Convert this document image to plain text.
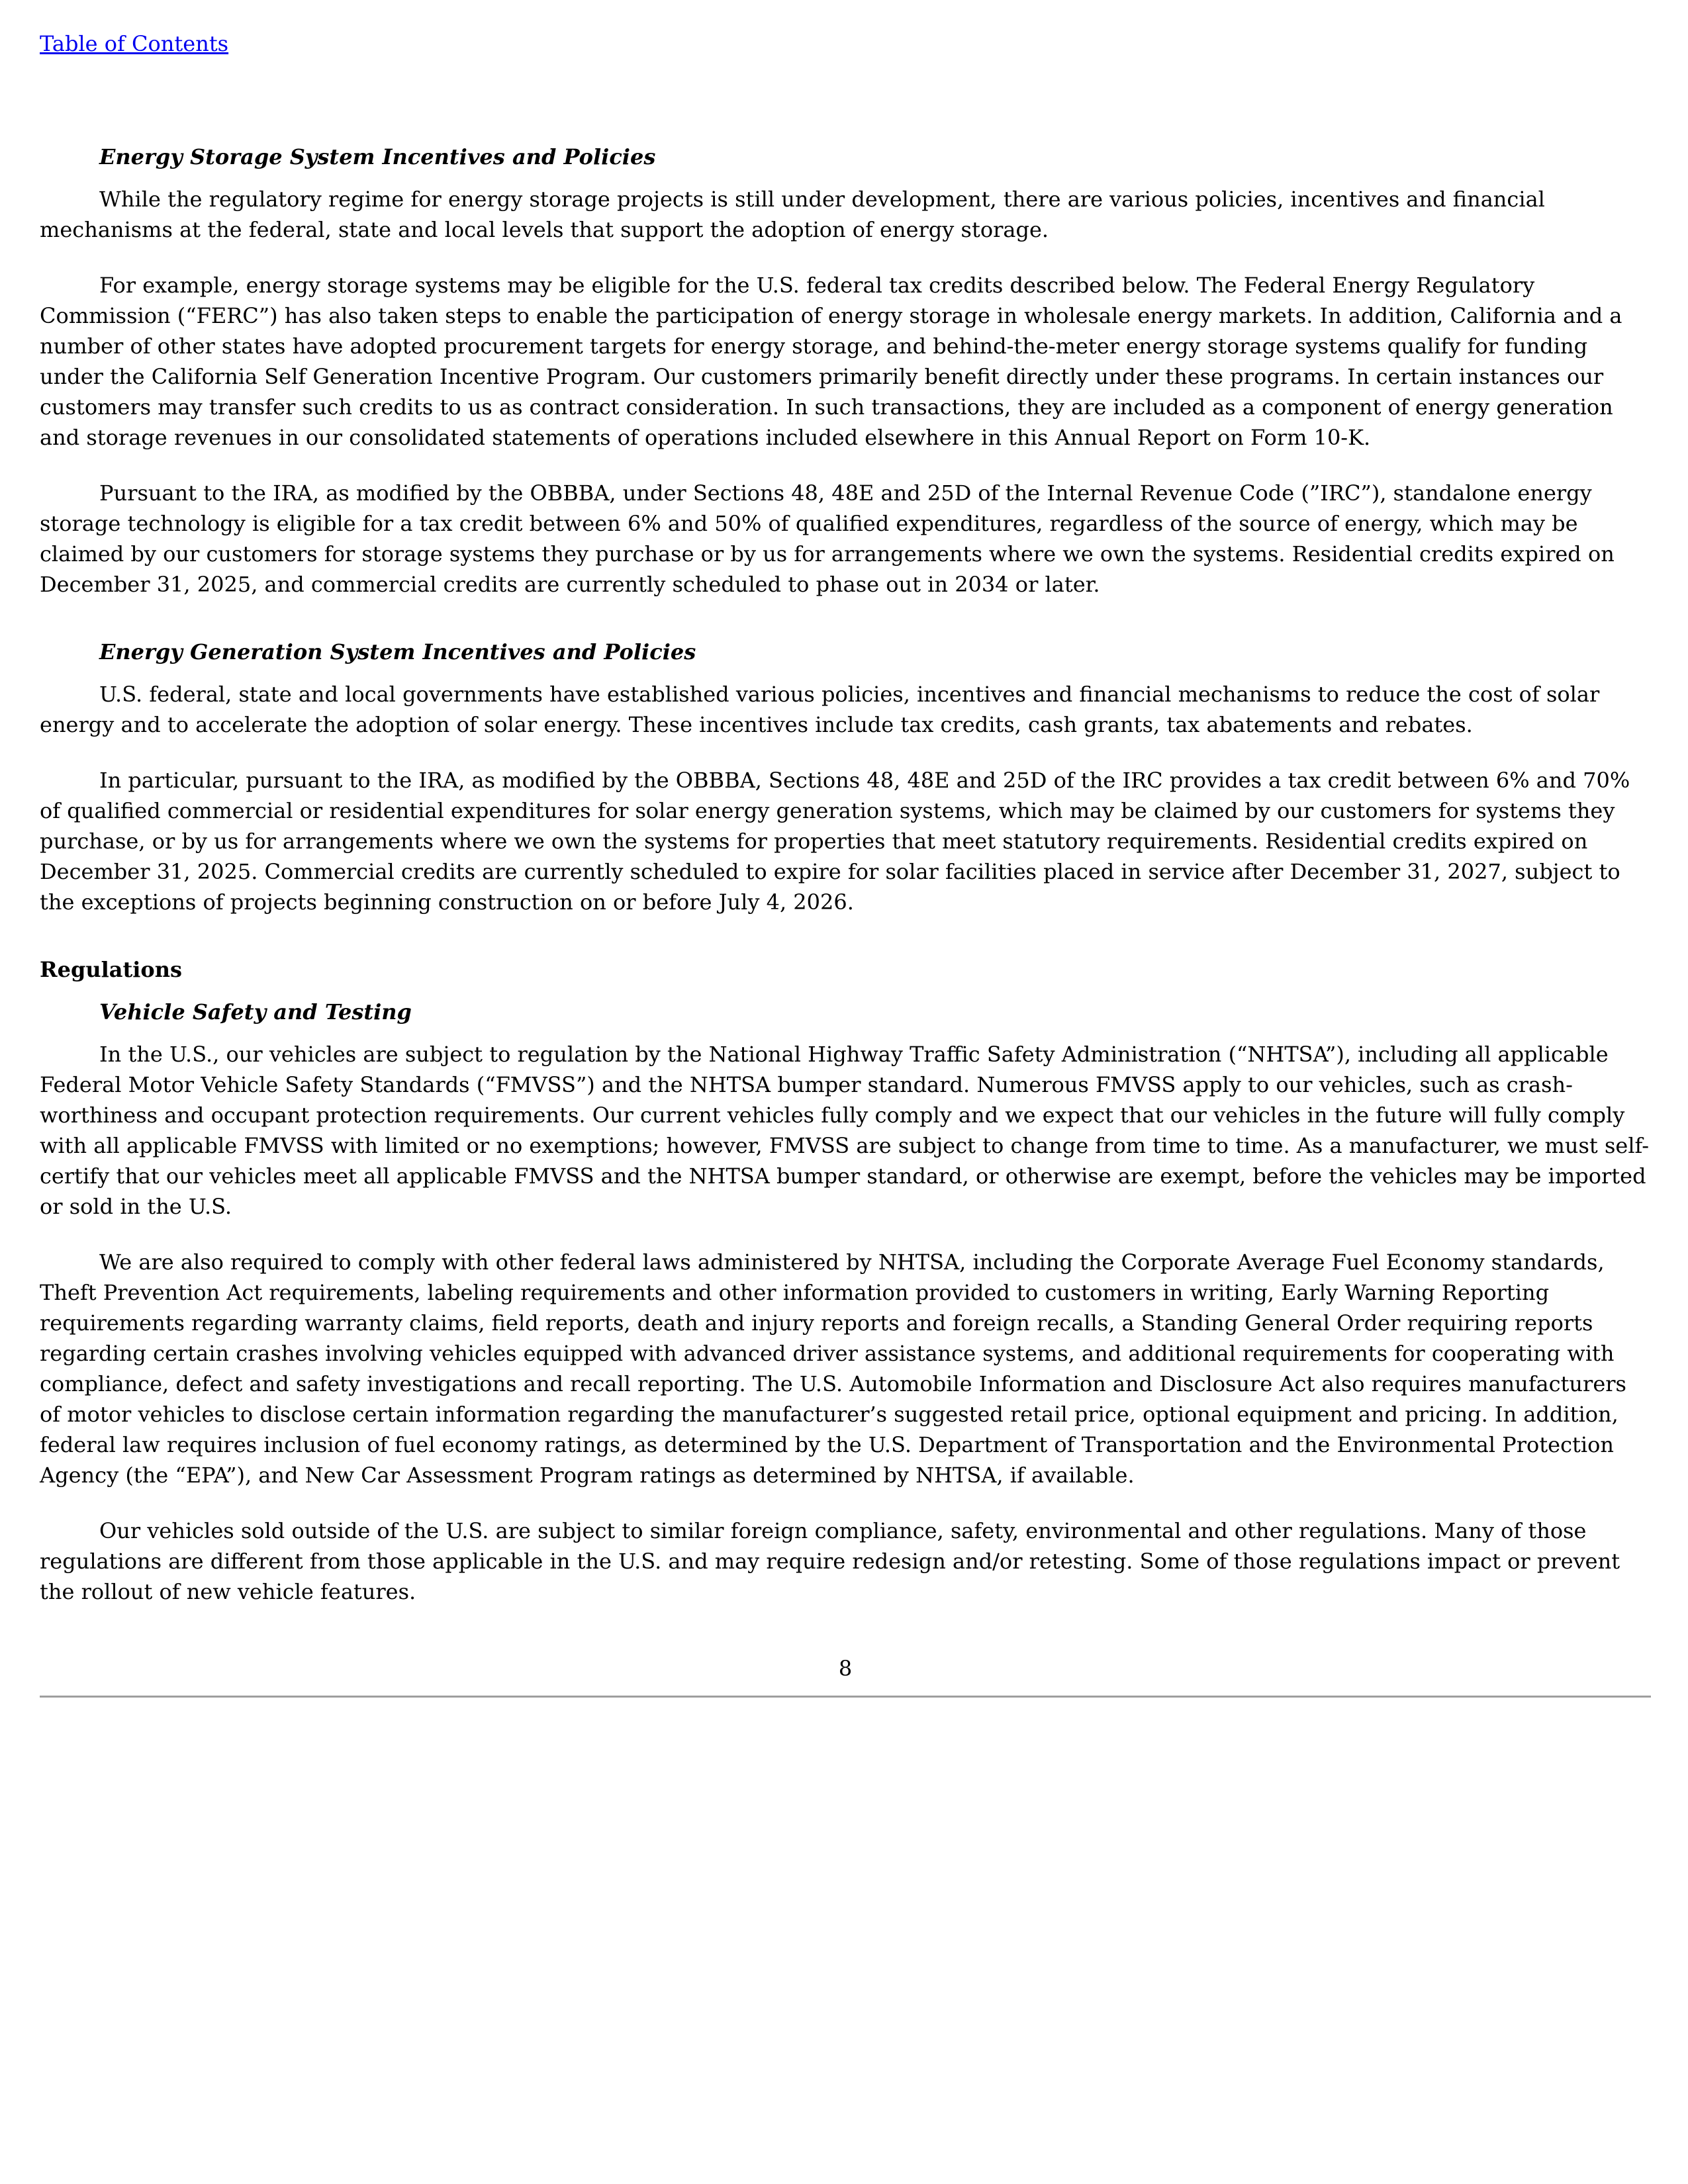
Table of Contents

Energy Storage System Incentives and Policies

While the regulatory regime for energy storage projects is still under development, there are various policies, incentives and financial mechanisms at the federal, state and local levels that support the adoption of energy storage.

For example, energy storage systems may be eligible for the U.S. federal tax credits described below. The Federal Energy Regulatory Commission (“FERC”) has also taken steps to enable the participation of energy storage in wholesale energy markets. In addition, California and a number of other states have adopted procurement targets for energy storage, and behind-the-meter energy storage systems qualify for funding under the California Self Generation Incentive Program. Our customers primarily benefit directly under these programs. In certain instances our customers may transfer such credits to us as contract consideration. In such transactions, they are included as a component of energy generation and storage revenues in our consolidated statements of operations included elsewhere in this Annual Report on Form 10-K.

Pursuant to the IRA, as modified by the OBBBA, under Sections 48, 48E and 25D of the Internal Revenue Code (”IRC”), standalone energy storage technology is eligible for a tax credit between 6% and 50% of qualified expenditures, regardless of the source of energy, which may be claimed by our customers for storage systems they purchase or by us for arrangements where we own the systems. Residential credits expired on December 31, 2025, and commercial credits are currently scheduled to phase out in 2034 or later.

Energy Generation System Incentives and Policies

U.S. federal, state and local governments have established various policies, incentives and financial mechanisms to reduce the cost of solar energy and to accelerate the adoption of solar energy. These incentives include tax credits, cash grants, tax abatements and rebates.

In particular, pursuant to the IRA, as modified by the OBBBA, Sections 48, 48E and 25D of the IRC provides a tax credit between 6% and 70% of qualified commercial or residential expenditures for solar energy generation systems, which may be claimed by our customers for systems they purchase, or by us for arrangements where we own the systems for properties that meet statutory requirements. Residential credits expired on December 31, 2025. Commercial credits are currently scheduled to expire for solar facilities placed in service after December 31, 2027, subject to the exceptions of projects beginning construction on or before July 4, 2026.

Regulations

Vehicle Safety and Testing

In the U.S., our vehicles are subject to regulation by the National Highway Traffic Safety Administration (“NHTSA”), including all applicable Federal Motor Vehicle Safety Standards (“FMVSS”) and the NHTSA bumper standard. Numerous FMVSS apply to our vehicles, such as crash-worthiness and occupant protection requirements. Our current vehicles fully comply and we expect that our vehicles in the future will fully comply with all applicable FMVSS with limited or no exemptions; however, FMVSS are subject to change from time to time. As a manufacturer, we must self-certify that our vehicles meet all applicable FMVSS and the NHTSA bumper standard, or otherwise are exempt, before the vehicles may be imported or sold in the U.S.

We are also required to comply with other federal laws administered by NHTSA, including the Corporate Average Fuel Economy standards, Theft Prevention Act requirements, labeling requirements and other information provided to customers in writing, Early Warning Reporting requirements regarding warranty claims, field reports, death and injury reports and foreign recalls, a Standing General Order requiring reports regarding certain crashes involving vehicles equipped with advanced driver assistance systems, and additional requirements for cooperating with compliance, defect and safety investigations and recall reporting. The U.S. Automobile Information and Disclosure Act also requires manufacturers of motor vehicles to disclose certain information regarding the manufacturer’s suggested retail price, optional equipment and pricing. In addition, federal law requires inclusion of fuel economy ratings, as determined by the U.S. Department of Transportation and the Environmental Protection Agency (the “EPA”), and New Car Assessment Program ratings as determined by NHTSA, if available.

Our vehicles sold outside of the U.S. are subject to similar foreign compliance, safety, environmental and other regulations. Many of those regulations are different from those applicable in the U.S. and may require redesign and/or retesting. Some of those regulations impact or prevent the rollout of new vehicle features.

8
